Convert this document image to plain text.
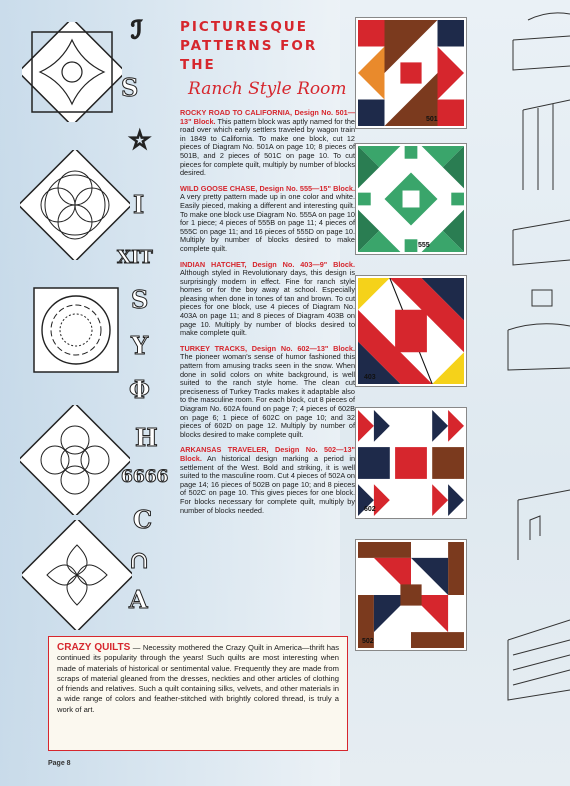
ℐ
S
☆
I
XIT
S
Y
Φ
H
6666
C
∩
A
PICTURESQUE
PATTERNS FOR THE
Ranch Style Room

ROCKY ROAD TO CALIFORNIA, Design No. 501—13" Block. This pattern block was aptly named for the road over which early settlers traveled by wagon train in 1849 to California. To make one block, cut 12 pieces of Diagram No. 501A on page 10; 8 pieces of 501B, and 2 pieces of 501C on page 10. To cut pieces for complete quilt, multiply by number of blocks desired.

WILD GOOSE CHASE, Design No. 555—15" Block. A very pretty pattern made up in one color and white. Easily pieced, making a different and interesting quilt. To make one block use Diagram No. 555A on page 10 for 1 piece; 4 pieces of 555B on page 11; 4 pieces of 555C on page 11; and 16 pieces of 555D on page 10. Multiply by number of blocks desired to make complete quilt.

INDIAN HATCHET, Design No. 403—9" Block. Although styled in Revolutionary days, this design is surprisingly modern in effect. Fine for ranch style homes or for the boy away at school. Especially pleasing when done in tones of tan and brown. To cut pieces for one block, use 4 pieces of Diagram No. 403A on page 11; and 8 pieces of Diagram 403B on page 10. Multiply by number of blocks desired to make complete quilt.

TURKEY TRACKS, Design No. 602—13" Block. The pioneer woman's sense of humor fashioned this pattern from amusing tracks seen in the snow. When done in solid colors on white background, is well suited to the ranch style home. The clean cut preciseness of Turkey Tracks makes it adaptable also to the masculine room. For each block, cut 8 pieces of Diagram No. 602A found on page 7; 4 pieces of 602B on page 6; 1 piece of 602C on page 10; and 32 pieces of 602D on page 12. Multiply by number of blocks desired to make complete quilt.

ARKANSAS TRAVELER, Design No. 502—13" Block. An historical design marking a period in settlement of the West. Bold and striking, it is well suited to the masculine room. Cut 4 pieces of 502A on page 14; 16 pieces of 502B on page 10; and 8 pieces of 502C on page 10. This gives pieces for one block. For blocks necessary for complete quilt, multiply by number of blocks needed.

501
555
403
602
502
CRAZY QUILTS — Necessity mothered the Crazy Quilt in America—thrift has continued its popularity through the years! Such quilts are most interesting when made of materials of historical or sentimental value. Frequently they are made from scraps of material gleaned from the dresses, neckties and other articles of clothing of friends and relatives. Such a quilt containing silks, velvets, and other materials in a wide range of colors and feather-stitched with brightly colored thread, is truly a work of art.
Page 8
